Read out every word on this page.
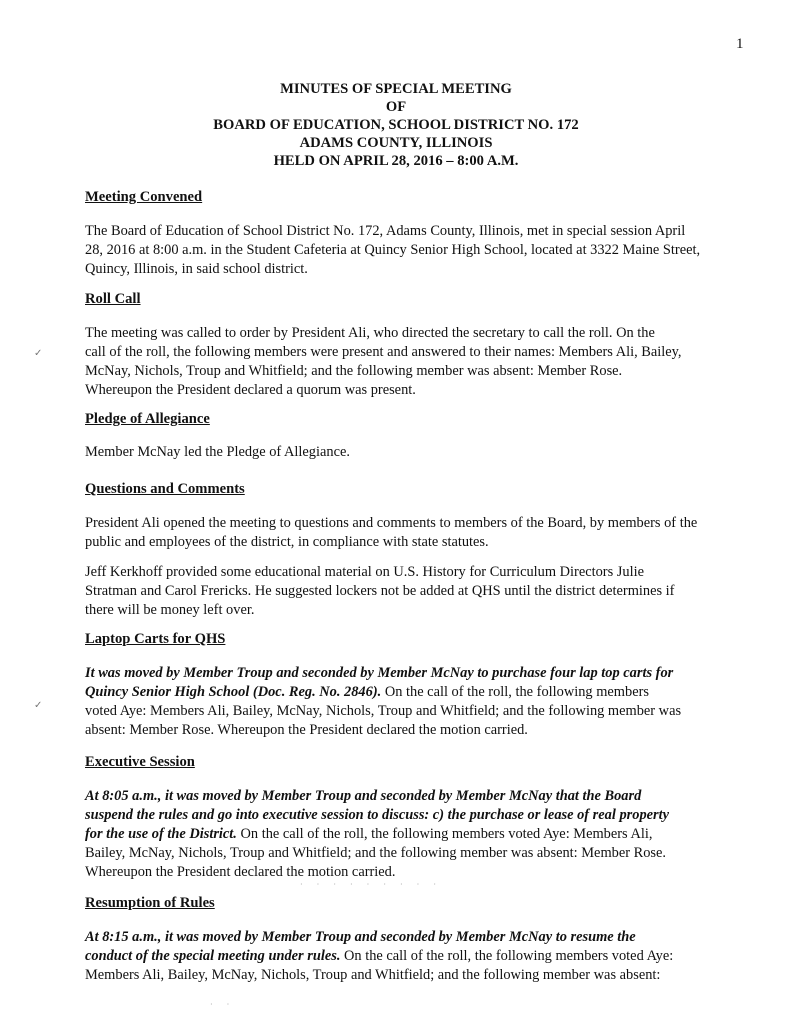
1
MINUTES OF SPECIAL MEETING
OF
BOARD OF EDUCATION, SCHOOL DISTRICT NO. 172
ADAMS COUNTY, ILLINOIS
HELD ON APRIL 28, 2016 – 8:00 A.M.
Meeting Convened
The Board of Education of School District No. 172, Adams County, Illinois, met in special session April
28, 2016 at 8:00 a.m. in the Student Cafeteria at Quincy Senior High School, located at 3322 Maine Street,
Quincy, Illinois, in said school district.
Roll Call
The meeting was called to order by President Ali, who directed the secretary to call the roll. On the
call of the roll, the following members were present and answered to their names: Members Ali, Bailey,
McNay, Nichols, Troup and Whitfield; and the following member was absent: Member Rose.
Whereupon the President declared a quorum was present.
Pledge of Allegiance
Member McNay led the Pledge of Allegiance.
Questions and Comments
President Ali opened the meeting to questions and comments to members of the Board, by members of the
public and employees of the district, in compliance with state statutes.
Jeff Kerkhoff provided some educational material on U.S. History for Curriculum Directors Julie
Stratman and Carol Frericks. He suggested lockers not be added at QHS until the district determines if
there will be money left over.
Laptop Carts for QHS
It was moved by Member Troup and seconded by Member McNay to purchase four lap top carts for
Quincy Senior High School (Doc. Reg. No. 2846). On the call of the roll, the following members
voted Aye: Members Ali, Bailey, McNay, Nichols, Troup and Whitfield; and the following member was
absent: Member Rose. Whereupon the President declared the motion carried.
Executive Session
At 8:05 a.m., it was moved by Member Troup and seconded by Member McNay that the Board
suspend the rules and go into executive session to discuss: c) the purchase or lease of real property
for the use of the District. On the call of the roll, the following members voted Aye: Members Ali,
Bailey, McNay, Nichols, Troup and Whitfield; and the following member was absent: Member Rose.
Whereupon the President declared the motion carried.
Resumption of Rules
At 8:15 a.m., it was moved by Member Troup and seconded by Member McNay to resume the
conduct of the special meeting under rules. On the call of the roll, the following members voted Aye:
Members Ali, Bailey, McNay, Nichols, Troup and Whitfield; and the following member was absent:
✓
✓
· · · · · · · · ·
· ·
